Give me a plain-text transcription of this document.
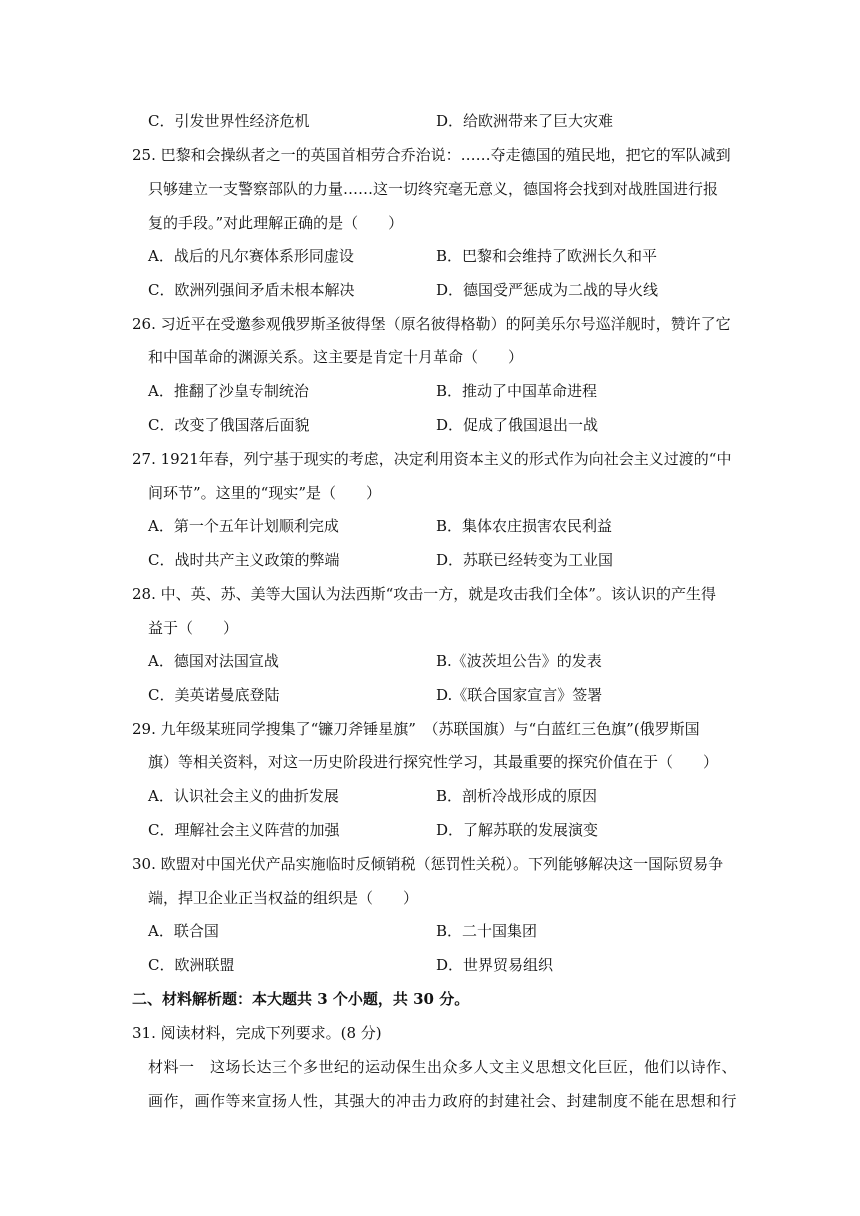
C．引发世界性经济危机	D．给欧洲带来了巨大灾难
25. 巴黎和会操纵者之一的英国首相劳合乔治说：……夺走德国的殖民地，把它的军队减到
只够建立一支警察部队的力量……这一切终究毫无意义，德国将会找到对战胜国进行报
复的手段。”对此理解正确的是（　　）
A．战后的凡尔赛体系形同虚设	B．巴黎和会维持了欧洲长久和平
C．欧洲列强间矛盾未根本解决	D．德国受严惩成为二战的导火线
26. 习近平在受邀参观俄罗斯圣彼得堡（原名彼得格勒）的阿美乐尔号巡洋舰时，赞许了它
和中国革命的渊源关系。这主要是肯定十月革命（　　）
A．推翻了沙皇专制统治	B．推动了中国革命进程
C．改变了俄国落后面貌	D．促成了俄国退出一战
27. 1921年春，列宁基于现实的考虑，决定利用资本主义的形式作为向社会主义过渡的“中
间环节”。这里的“现实”是（　　）
A．第一个五年计划顺利完成	B．集体农庄损害农民利益
C．战时共产主义政策的弊端	D．苏联已经转变为工业国
28. 中、英、苏、美等大国认为法西斯“攻击一方，就是攻击我们全体”。该认识的产生得
益于（　　）
A．德国对法国宣战	B.《波茨坦公告》的发表
C．美英诺曼底登陆	D.《联合国家宣言》签署
29. 九年级某班同学搜集了“镰刀斧锤星旗”　（苏联国旗）与“白蓝红三色旗”(俄罗斯国
旗）等相关资料，对这一历史阶段进行探究性学习，其最重要的探究价值在于（　　）
A．认识社会主义的曲折发展	B．剖析冷战形成的原因
C．理解社会主义阵营的加强	D．了解苏联的发展演变
30. 欧盟对中国光伏产品实施临时反倾销税（惩罚性关税）。下列能够解决这一国际贸易争
端，捍卫企业正当权益的组织是（　　）
A．联合国	B．二十国集团
C．欧洲联盟	D．世界贸易组织
二、材料解析题：本大题共 3 个小题，共 30 分。
31. 阅读材料，完成下列要求。(8 分)
材料一　这场长达三个多世纪的运动保生出众多人文主义思想文化巨匠，他们以诗作、
画作，画作等来宣扬人性，其强大的冲击力政府的封建社会、封建制度不能在思想和行
